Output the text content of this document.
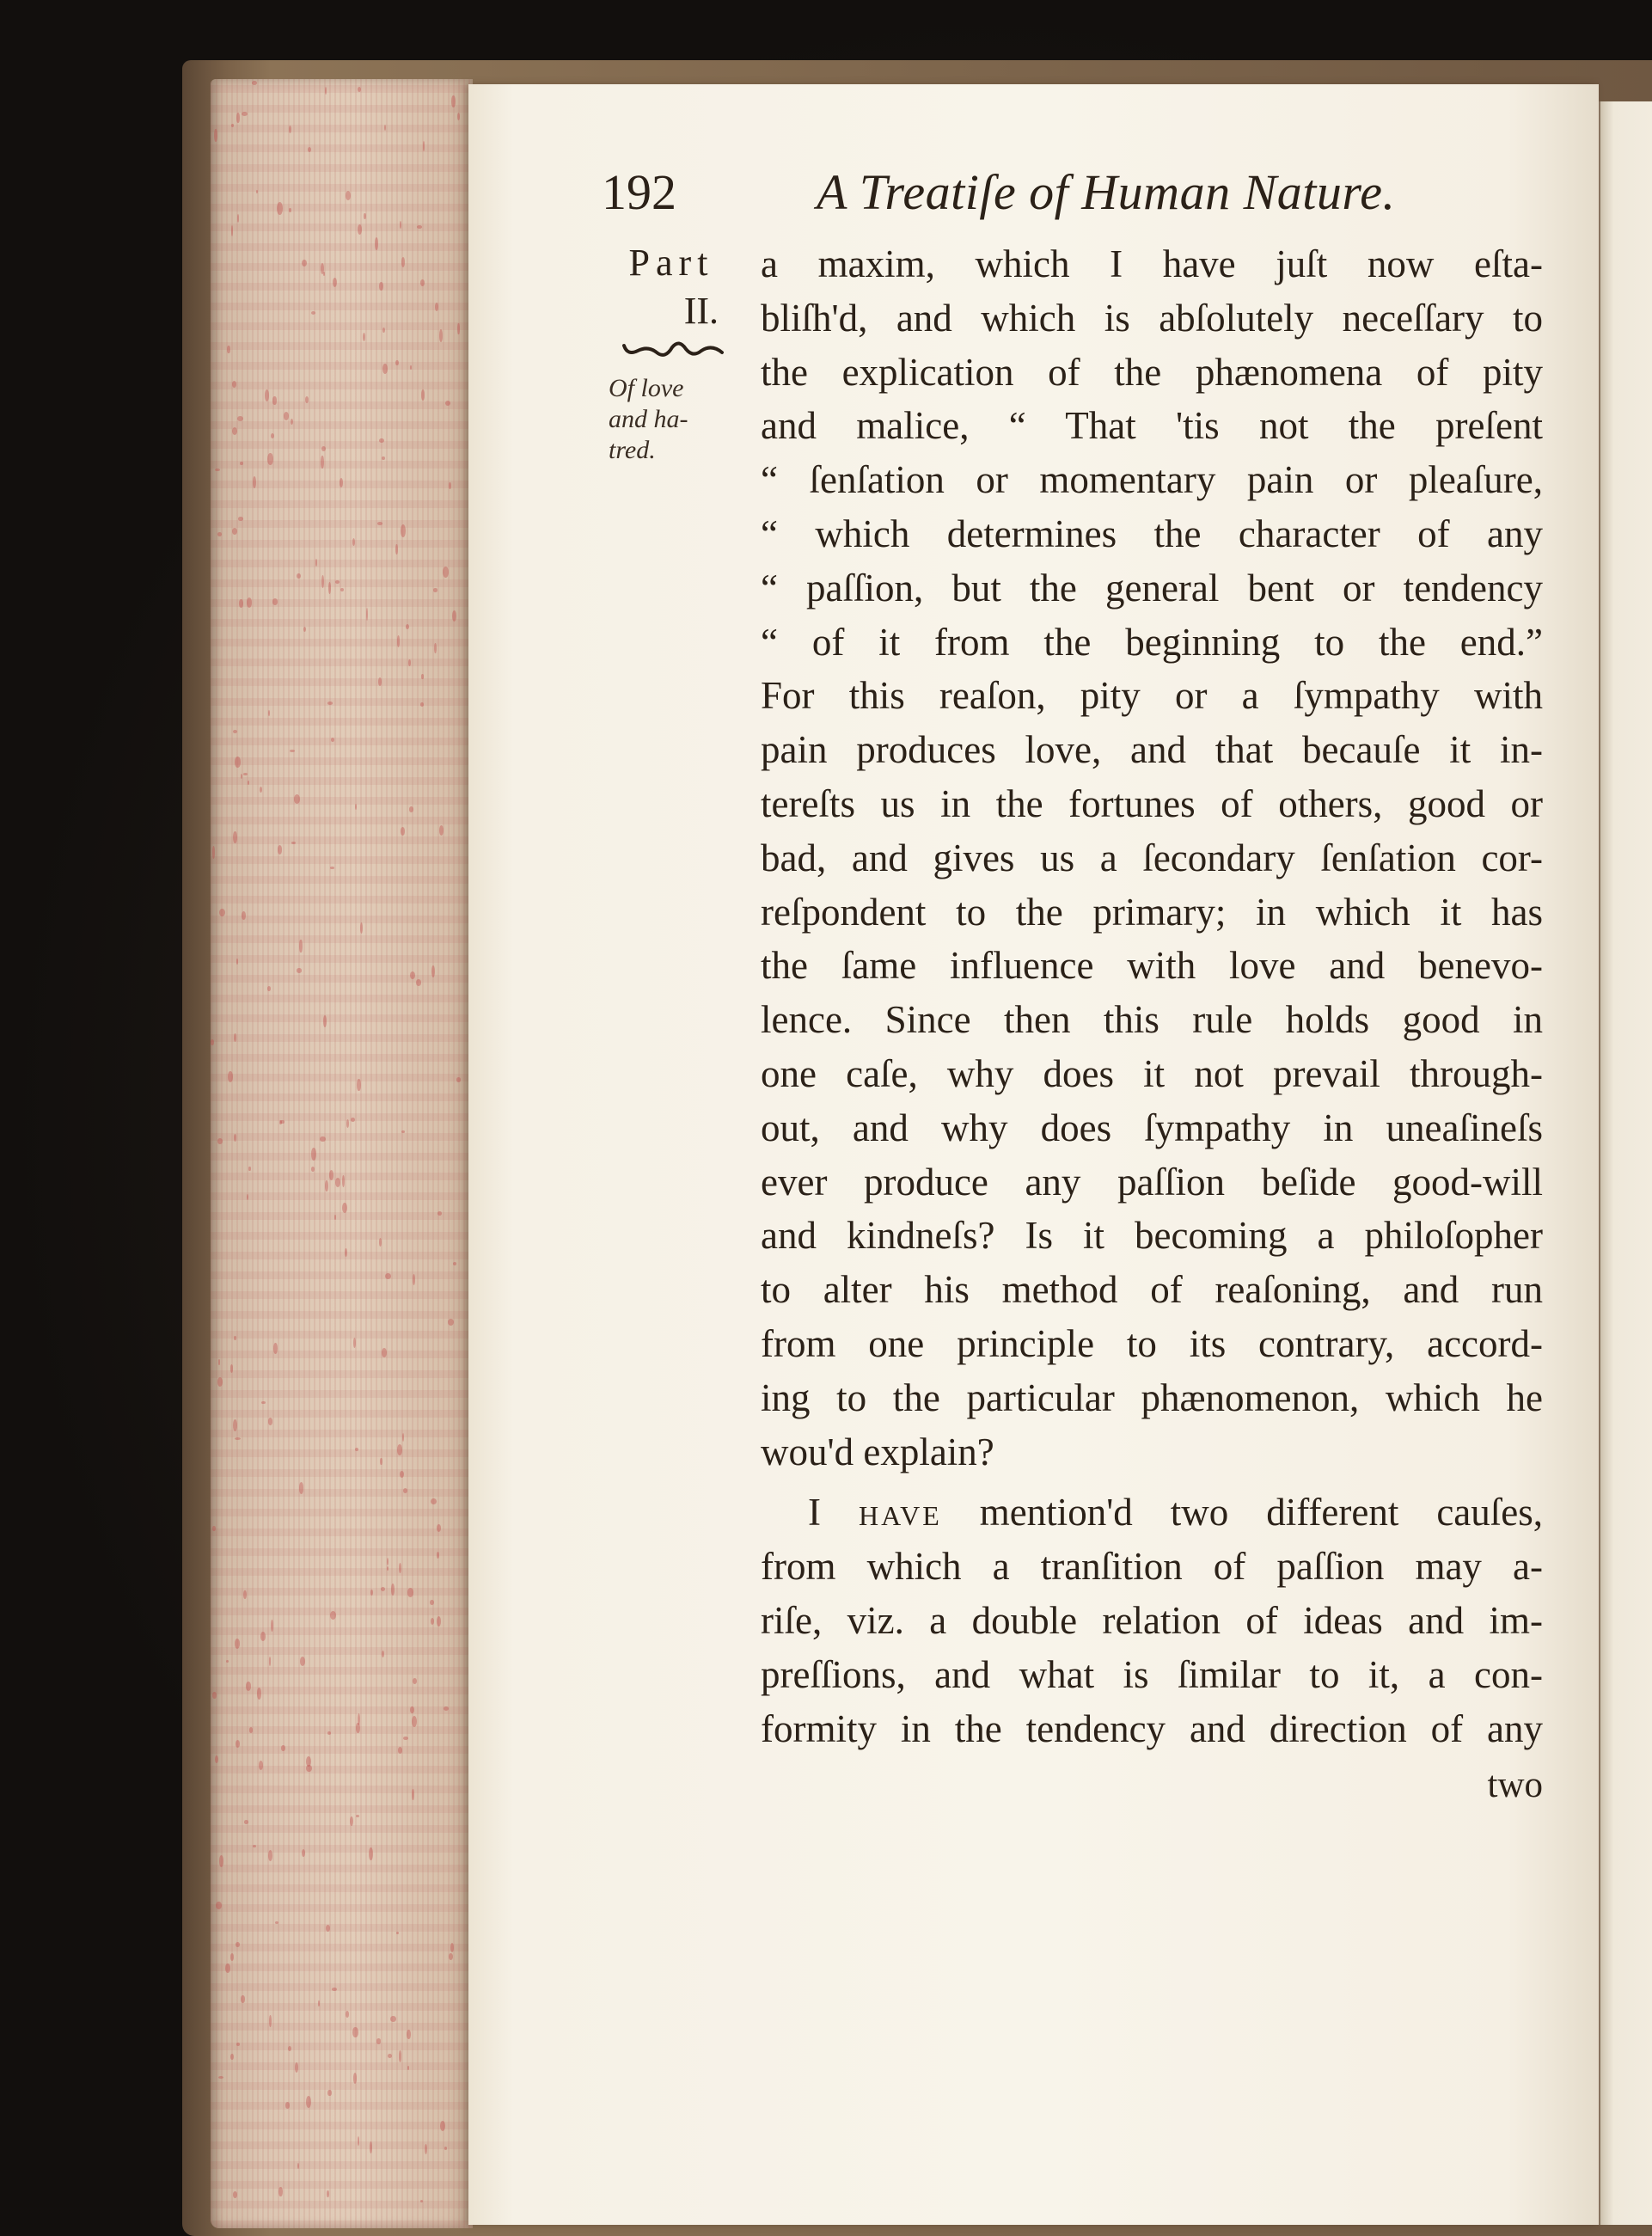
192	A Treatiſe of Human Nature.
Part
II.
Of love
and ha-
tred.
a maxim, which I have juſt now eſta-
bliſh'd, and which is abſolutely neceſſary to
the explication of the phænomena of pity
and malice, “ That 'tis not the preſent
“ ſenſation or momentary pain or pleaſure,
“ which determines the character of any
“ paſſion, but the general bent or tendency
“ of it from the beginning to the end.”
For this reaſon, pity or a ſympathy with
pain produces love, and that becauſe it in-
tereſts us in the fortunes of others, good or
bad, and gives us a ſecondary ſenſation cor-
reſpondent to the primary; in which it has
the ſame influence with love and benevo-
lence. Since then this rule holds good in
one caſe, why does it not prevail through-
out, and why does ſympathy in uneaſineſs
ever produce any paſſion beſide good-will
and kindneſs? Is it becoming a philoſopher
to alter his method of reaſoning, and run
from one principle to its contrary, accord-
ing to the particular phænomenon, which he
wou'd explain?
I have mention'd two different cauſes,
from which a tranſition of paſſion may a-
riſe, viz. a double relation of ideas and im-
preſſions, and what is ſimilar to it, a con-
formity in the tendency and direction of any
two
